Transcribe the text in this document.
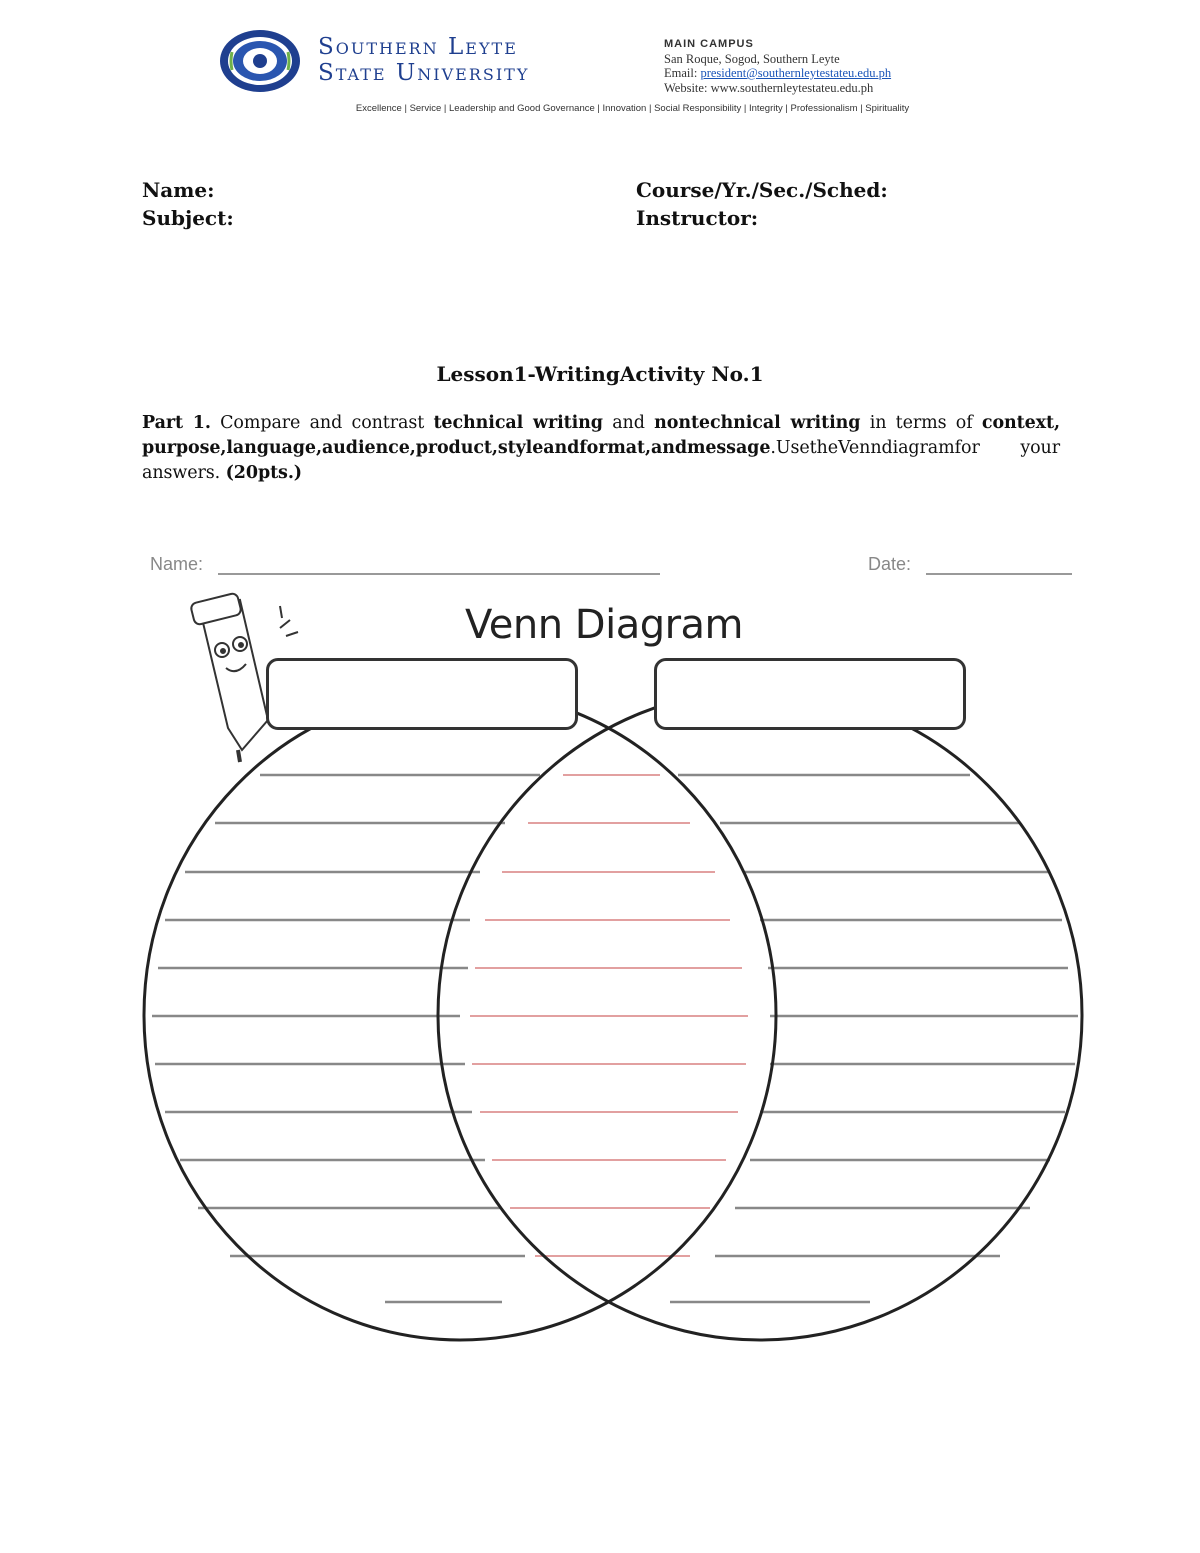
Southern Leyte
State University
MAIN CAMPUS
San Roque, Sogod, Southern Leyte
Email: president@southernleytestateu.edu.ph
Website: www.southernleytestateu.edu.ph
Excellence | Service | Leadership and Good Governance | Innovation | Social Responsibility | Integrity | Professionalism | Spirituality
Name:
Subject:
Course/Yr./Sec./Sched:
Instructor:
Lesson1-WritingActivity No.1
Part 1. Compare and contrast technical writing and nontechnical writing in terms of context, purpose,language,audience,product,styleandformat,andmessage.UsetheVenndiagramfor your answers. (20pts.)
Name:	Date:
Venn Diagram
